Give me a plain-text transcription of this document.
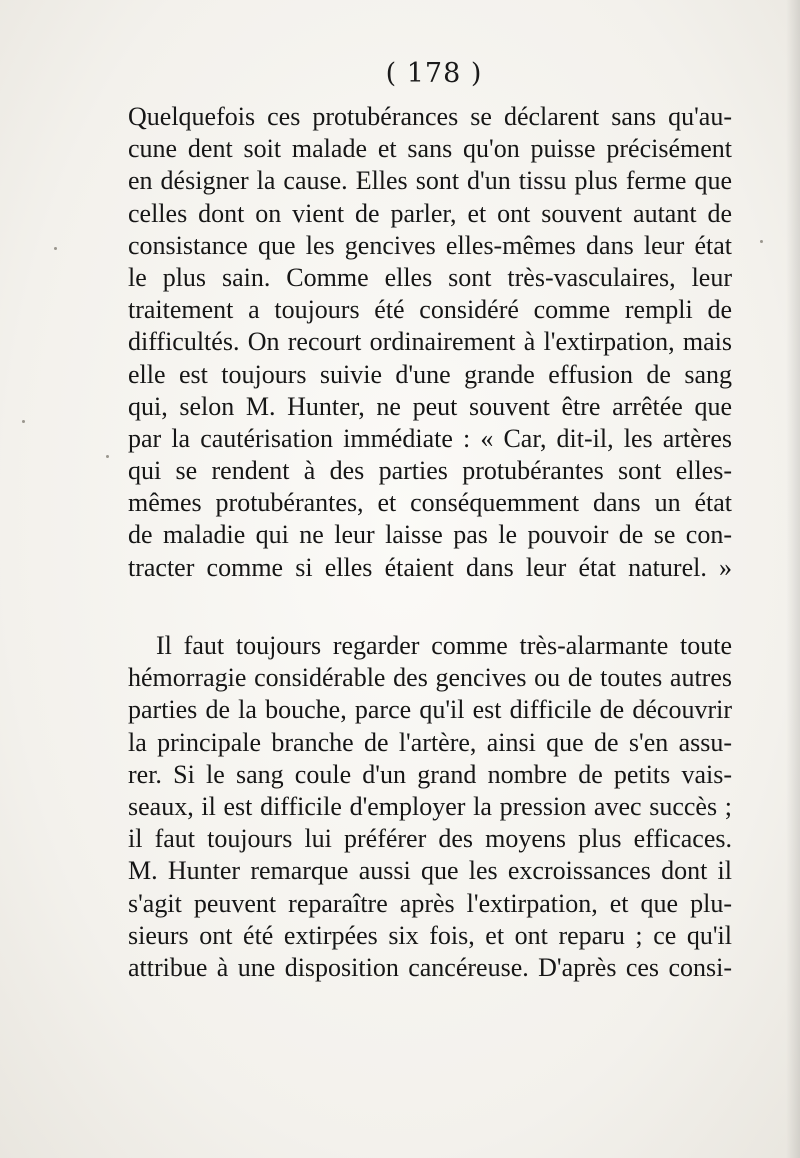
( 178 )
Quelquefois ces protubérances se déclarent sans qu'au-
cune dent soit malade et sans qu'on puisse précisément
en désigner la cause. Elles sont d'un tissu plus ferme que
celles dont on vient de parler, et ont souvent autant de
consistance que les gencives elles-mêmes dans leur état
le plus sain. Comme elles sont très-vasculaires, leur
traitement a toujours été considéré comme rempli de
difficultés. On recourt ordinairement à l'extirpation, mais
elle est toujours suivie d'une grande effusion de sang
qui, selon M. Hunter, ne peut souvent être arrêtée que
par la cautérisation immédiate : « Car, dit-il, les artères
qui se rendent à des parties protubérantes sont elles-
mêmes protubérantes, et conséquemment dans un état
de maladie qui ne leur laisse pas le pouvoir de se con-
tracter comme si elles étaient dans leur état naturel. »
Il faut toujours regarder comme très-alarmante toute
hémorragie considérable des gencives ou de toutes autres
parties de la bouche, parce qu'il est difficile de découvrir
la principale branche de l'artère, ainsi que de s'en assu-
rer. Si le sang coule d'un grand nombre de petits vais-
seaux, il est difficile d'employer la pression avec succès ;
il faut toujours lui préférer des moyens plus efficaces.
M. Hunter remarque aussi que les excroissances dont il
s'agit peuvent reparaître après l'extirpation, et que plu-
sieurs ont été extirpées six fois, et ont reparu ; ce qu'il
attribue à une disposition cancéreuse. D'après ces consi-
